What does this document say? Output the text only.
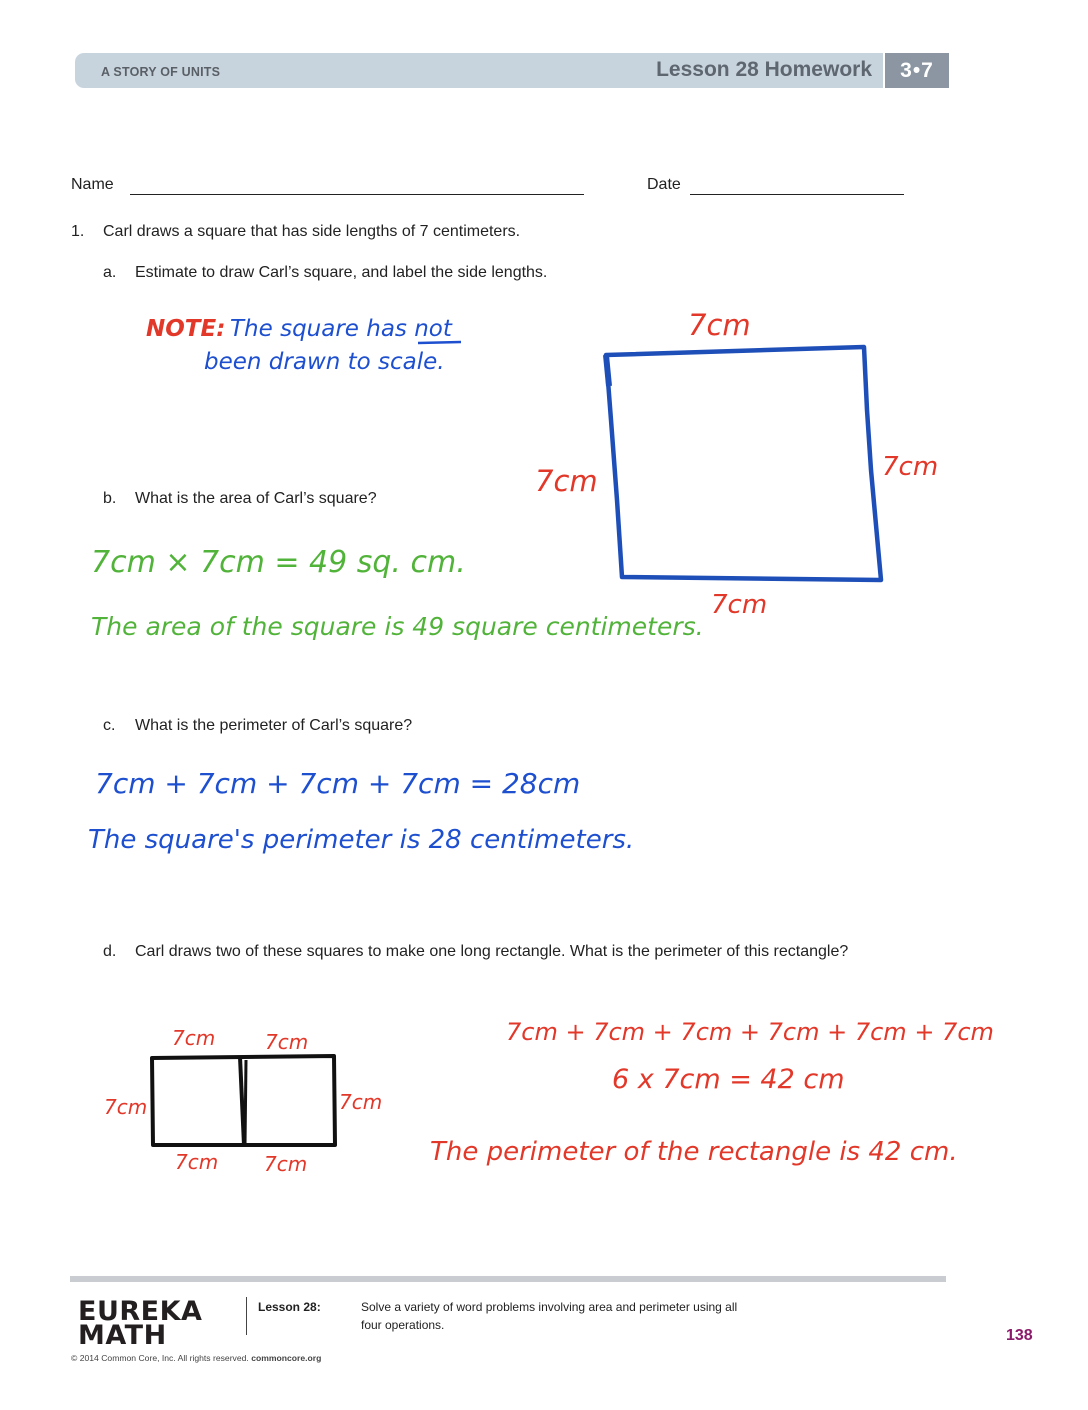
A STORY OF UNITS	Lesson 28 Homework	3•7
Name	Date
1. Carl draws a square that has side lengths of 7 centimeters.
a. Estimate to draw Carl’s square, and label the side lengths.
NOTE: The square has not
been drawn to scale.
7cm
7cm	7cm
7cm
b. What is the area of Carl’s square?
7cm × 7cm = 49 sq. cm.
The area of the square is 49 square centimeters.
c. What is the perimeter of Carl’s square?
7cm + 7cm + 7cm + 7cm = 28cm
The square's perimeter is 28 centimeters.
d. Carl draws two of these squares to make one long rectangle. What is the perimeter of this rectangle?
7cm 7cm
7cm	7cm
7cm 7cm
7cm + 7cm + 7cm + 7cm + 7cm + 7cm
6 x 7cm = 42 cm
The perimeter of the rectangle is 42 cm.
EUREKA
MATH
Lesson 28:	Solve a variety of word problems involving area and perimeter using all
four operations.
© 2014 Common Core, Inc. All rights reserved. commoncore.org
138
